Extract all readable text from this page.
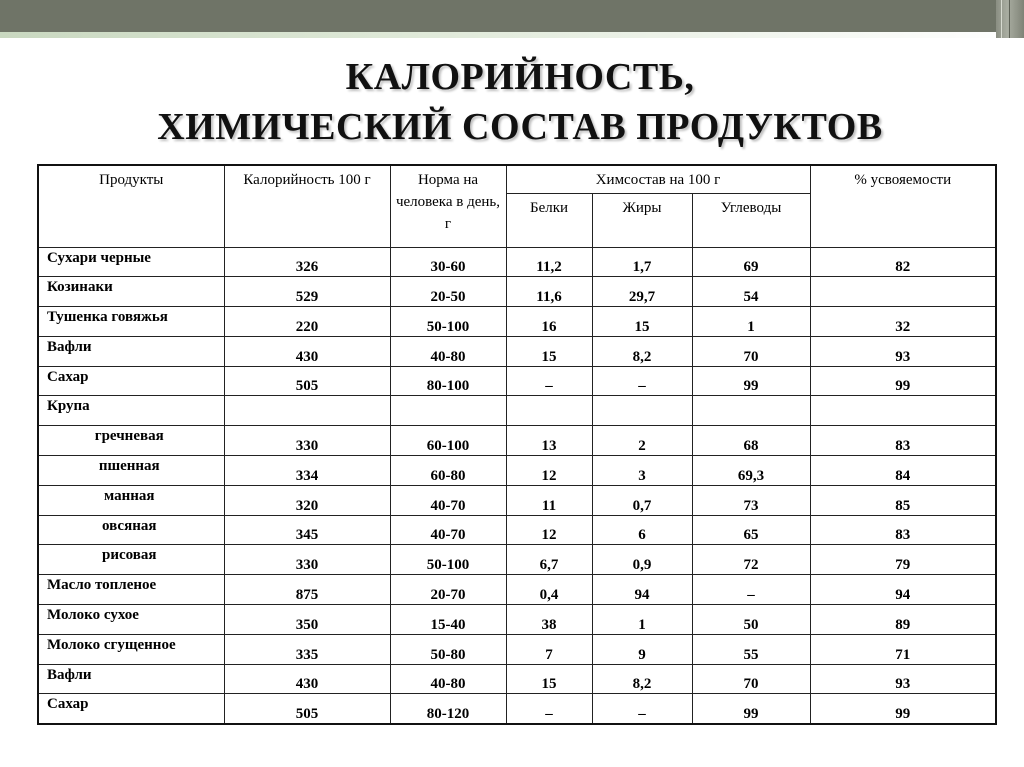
КАЛОРИЙНОСТЬ,
ХИМИЧЕСКИЙ СОСТАВ ПРОДУКТОВ
Продукты	Калорийность 100 г	Норма на человека в день, г	Химсостав на 100 г			% усвояемости
			Белки	Жиры	Углеводы	
Сухари черные	326	30-60	11,2	1,7	69	82
Козинаки	529	20-50	11,6	29,7	54	
Тушенка говяжья	220	50-100	16	15	1	32
Вафли	430	40-80	15	8,2	70	93
Сахар	505	80-100	–	–	99	99
Крупа						
гречневая	330	60-100	13	2	68	83
пшенная	334	60-80	12	3	69,3	84
манная	320	40-70	11	0,7	73	85
овсяная	345	40-70	12	6	65	83
рисовая	330	50-100	6,7	0,9	72	79
Масло топленое	875	20-70	0,4	94	–	94
Молоко сухое	350	15-40	38	1	50	89
Молоко сгущенное	335	50-80	7	9	55	71
Вафли	430	40-80	15	8,2	70	93
Сахар	505	80-120	–	–	99	99
